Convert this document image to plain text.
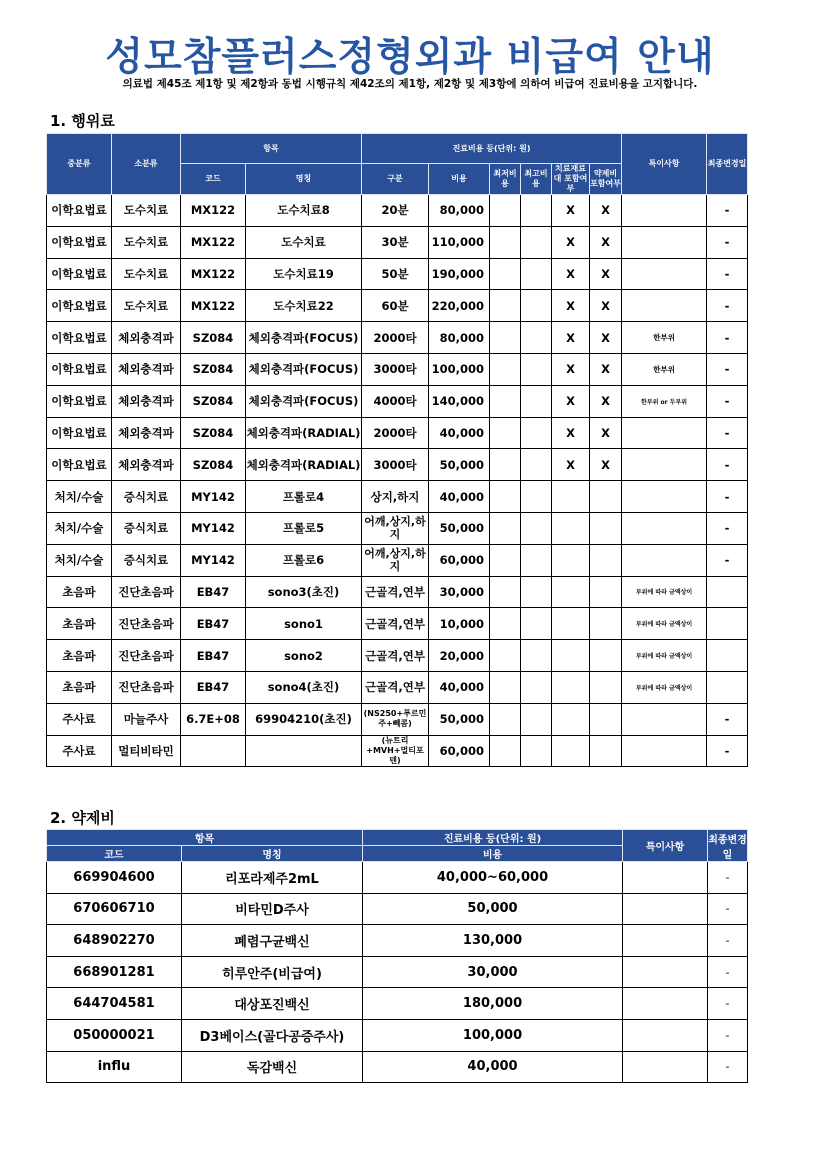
성모참플러스정형외과 비급여 안내
의료법 제45조 제1항 및 제2항과 동법 시행규칙 제42조의 제1항, 제2항 및 제3항에 의하여 비급여 진료비용을 고지합니다.
1. 행위료
중분류	소분류	항목		진료비용 등(단위: 원)						특이사항	최종변경일
		코드	명칭	구분	비용	최저비용	최고비용	치료재료대 포함여부	약제비 포함여부		
이학요법료	도수치료	MX122	도수치료8	20분	80,000			X	X		-
이학요법료	도수치료	MX122	도수치료	30분	110,000			X	X		-
이학요법료	도수치료	MX122	도수치료19	50분	190,000			X	X		-
이학요법료	도수치료	MX122	도수치료22	60분	220,000			X	X		-
이학요법료	체외충격파	SZ084	체외충격파(FOCUS)	2000타	80,000			X	X	한부위	-
이학요법료	체외충격파	SZ084	체외충격파(FOCUS)	3000타	100,000			X	X	한부위	-
이학요법료	체외충격파	SZ084	체외충격파(FOCUS)	4000타	140,000			X	X	한부위 or 두부위	-
이학요법료	체외충격파	SZ084	체외충격파(RADIAL)	2000타	40,000			X	X		-
이학요법료	체외충격파	SZ084	체외충격파(RADIAL)	3000타	50,000			X	X		-
처치/수술	증식치료	MY142	프롤로4	상지,하지	40,000						-
처치/수술	증식치료	MY142	프롤로5	어깨,상지,하지	50,000						-
처치/수술	증식치료	MY142	프롤로6	어깨,상지,하지	60,000						-
초음파	진단초음파	EB47	sono3(초진)	근골격,연부	30,000					부위에 따라 금액상이	
초음파	진단초음파	EB47	sono1	근골격,연부	10,000					부위에 따라 금액상이	
초음파	진단초음파	EB47	sono2	근골격,연부	20,000					부위에 따라 금액상이	
초음파	진단초음파	EB47	sono4(초진)	근골격,연부	40,000					부위에 따라 금액상이	
주사료	마늘주사	6.7E+08	69904210(초진)	(NS250+푸르민주+뻬콤)	50,000						-
주사료	멀티비타민			(뉴트리+MVH+멀티포텐)	60,000						-
2. 약제비
항목		진료비용 등(단위: 원)	특이사항	최종변경일
코드	명칭	비용		
669904600	리포라제주2mL	40,000~60,000		-
670606710	비타민D주사	50,000		-
648902270	폐렴구균백신	130,000		-
668901281	히루안주(비급여)	30,000		-
644704581	대상포진백신	180,000		-
050000021	D3베이스(골다공증주사)	100,000		-
influ	독감백신	40,000		-
